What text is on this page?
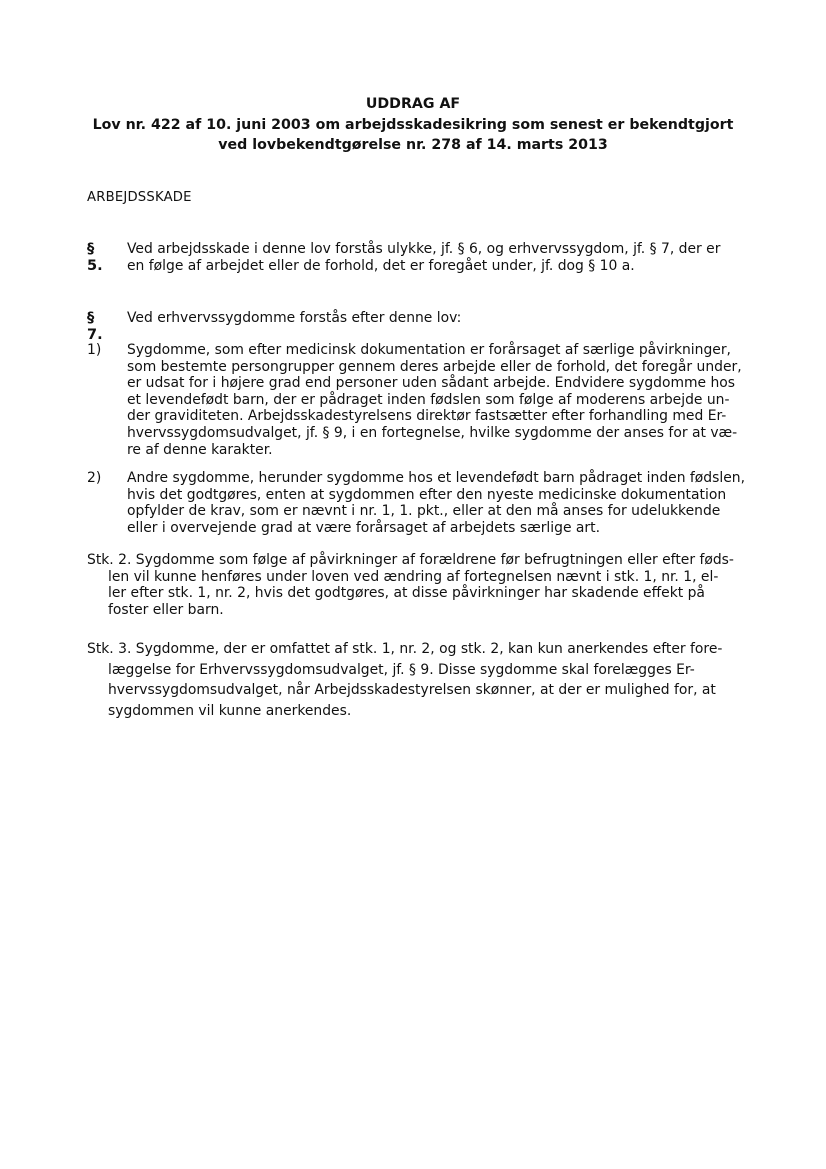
UDDRAG AF
Lov nr. 422 af 10. juni 2003 om arbejdsskadesikring som senest er bekendtgjort
ved lovbekendtgørelse nr. 278 af 14. marts 2013
ARBEJDSSKADE
§ 5.
Ved arbejdsskade i denne lov forstås ulykke, jf. § 6, og erhvervssygdom, jf. § 7, der er
en følge af arbejdet eller de forhold, det er foregået under, jf. dog § 10 a.
§ 7.
Ved erhvervssygdomme forstås efter denne lov:
1) Sygdomme, som efter medicinsk dokumentation er forårsaget af særlige påvirkninger,
som bestemte persongrupper gennem deres arbejde eller de forhold, det foregår under,
er udsat for i højere grad end personer uden sådant arbejde. Endvidere sygdomme hos
et levendefødt barn, der er pådraget inden fødslen som følge af moderens arbejde un-
der graviditeten. Arbejdsskadestyrelsens direktør fastsætter efter forhandling med Er-
hvervssygdomsudvalget, jf. § 9, i en fortegnelse, hvilke sygdomme der anses for at væ-
re af denne karakter.
2) Andre sygdomme, herunder sygdomme hos et levendefødt barn pådraget inden fødslen,
hvis det godtgøres, enten at sygdommen efter den nyeste medicinske dokumentation
opfylder de krav, som er nævnt i nr. 1, 1. pkt., eller at den må anses for udelukkende
eller i overvejende grad at være forårsaget af arbejdets særlige art.
Stk. 2. Sygdomme som følge af påvirkninger af forældrene før befrugtningen eller efter føds-
len vil kunne henføres under loven ved ændring af fortegnelsen nævnt i stk. 1, nr. 1, el-
ler efter stk. 1, nr. 2, hvis det godtgøres, at disse påvirkninger har skadende effekt på
foster eller barn.
Stk. 3. Sygdomme, der er omfattet af stk. 1, nr. 2, og stk. 2, kan kun anerkendes efter fore-
læggelse for Erhvervssygdomsudvalget, jf. § 9. Disse sygdomme skal forelægges Er-
hvervssygdomsudvalget, når Arbejdsskadestyrelsen skønner, at der er mulighed for, at
sygdommen vil kunne anerkendes.
